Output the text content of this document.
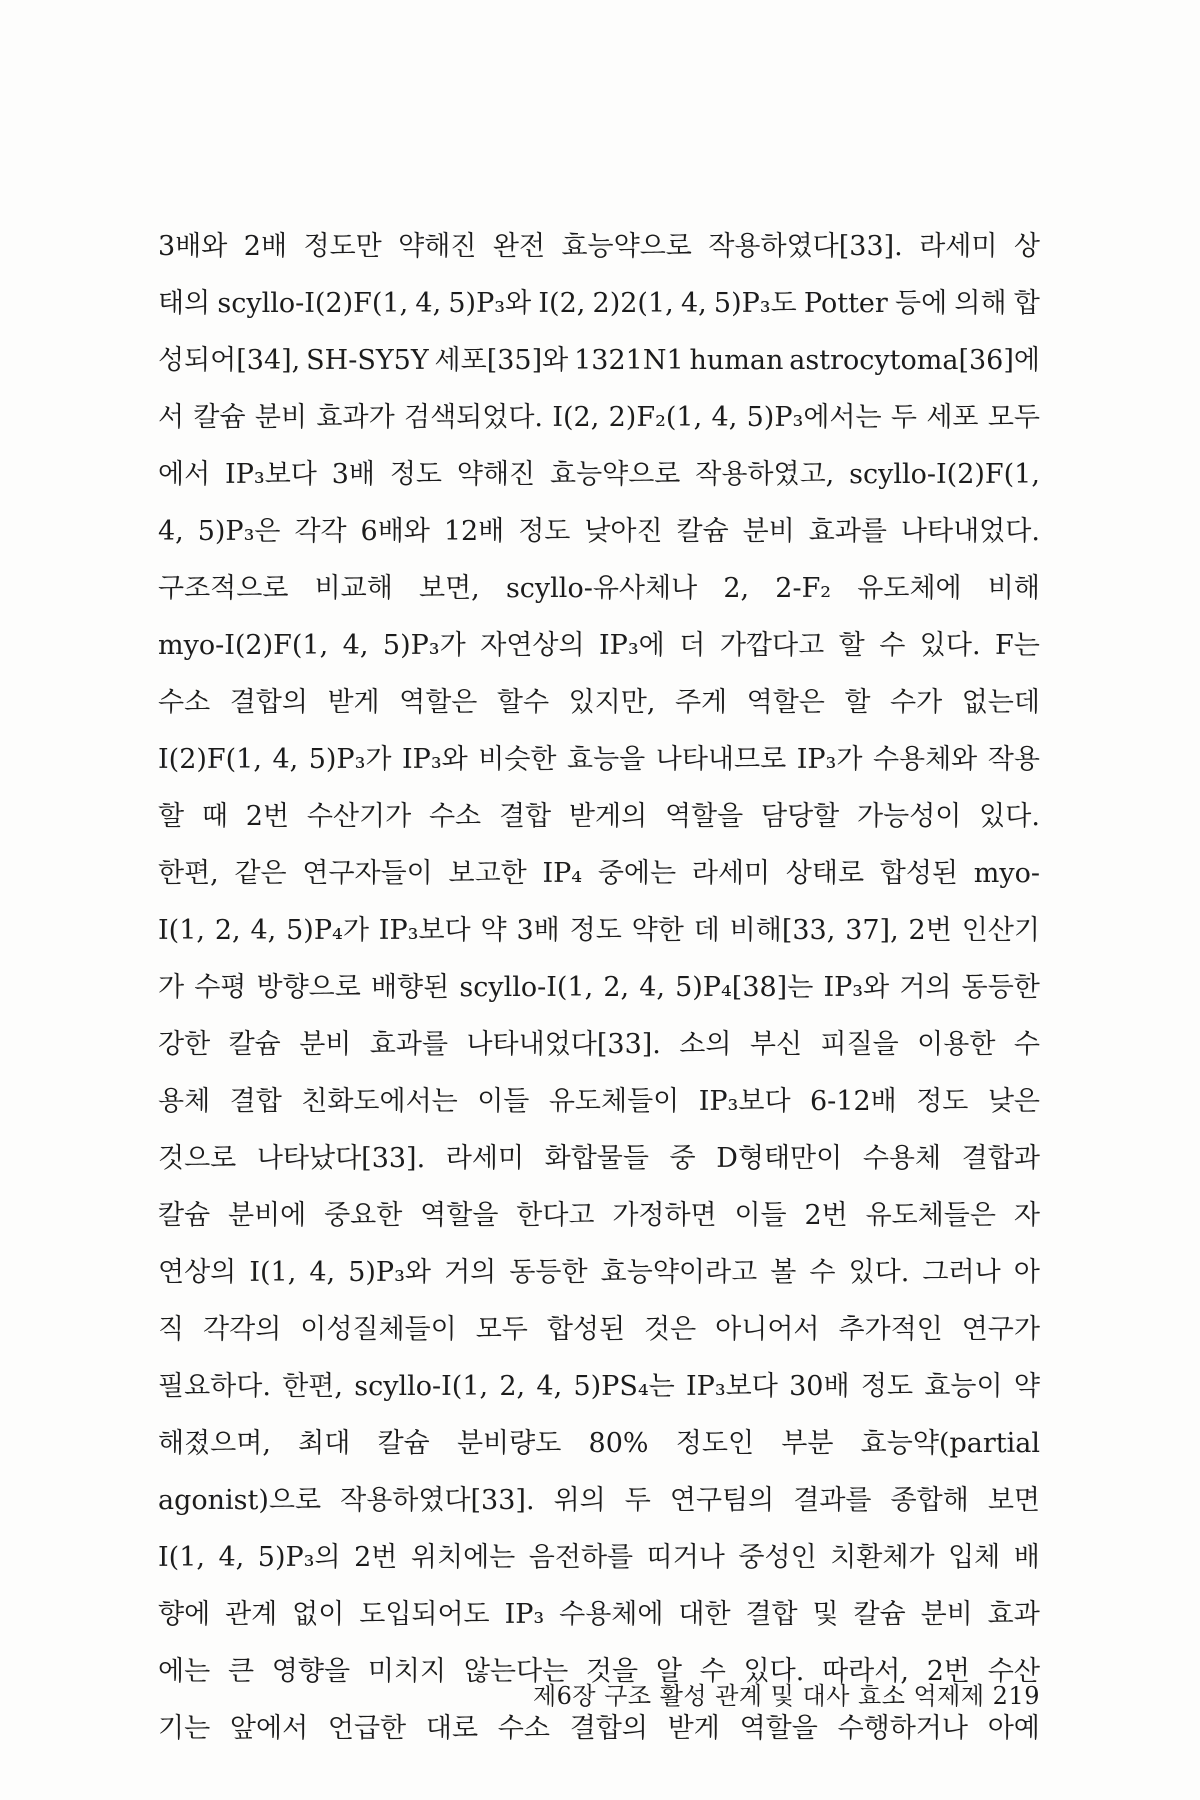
3배와 2배 정도만 약해진 완전 효능약으로 작용하였다[33]. 라세미 상
태의 scyllo-I(2)F(1, 4, 5)P₃와 I(2, 2)2(1, 4, 5)P₃도 Potter 등에 의해 합
성되어[34], SH-SY5Y 세포[35]와 1321N1 human astrocytoma[36]에
서 칼슘 분비 효과가 검색되었다. I(2, 2)F₂(1, 4, 5)P₃에서는 두 세포 모두
에서 IP₃보다 3배 정도 약해진 효능약으로 작용하였고, scyllo-I(2)F(1,
4, 5)P₃은 각각 6배와 12배 정도 낮아진 칼슘 분비 효과를 나타내었다.
구조적으로 비교해 보면, scyllo-유사체나 2, 2-F₂ 유도체에 비해
myo-I(2)F(1, 4, 5)P₃가 자연상의 IP₃에 더 가깝다고 할 수 있다. F는
수소 결합의 받게 역할은 할수 있지만, 주게 역할은 할 수가 없는데
I(2)F(1, 4, 5)P₃가 IP₃와 비슷한 효능을 나타내므로 IP₃가 수용체와 작용
할 때 2번 수산기가 수소 결합 받게의 역할을 담당할 가능성이 있다.
한편, 같은 연구자들이 보고한 IP₄ 중에는 라세미 상태로 합성된 myo-
I(1, 2, 4, 5)P₄가 IP₃보다 약 3배 정도 약한 데 비해[33, 37], 2번 인산기
가 수평 방향으로 배향된 scyllo-I(1, 2, 4, 5)P₄[38]는 IP₃와 거의 동등한
강한 칼슘 분비 효과를 나타내었다[33]. 소의 부신 피질을 이용한 수
용체 결합 친화도에서는 이들 유도체들이 IP₃보다 6-12배 정도 낮은
것으로 나타났다[33]. 라세미 화합물들 중 D형태만이 수용체 결합과
칼슘 분비에 중요한 역할을 한다고 가정하면 이들 2번 유도체들은 자
연상의 I(1, 4, 5)P₃와 거의 동등한 효능약이라고 볼 수 있다. 그러나 아
직 각각의 이성질체들이 모두 합성된 것은 아니어서 추가적인 연구가
필요하다. 한편, scyllo-I(1, 2, 4, 5)PS₄는 IP₃보다 30배 정도 효능이 약
해졌으며, 최대 칼슘 분비량도 80% 정도인 부분 효능약(partial
agonist)으로 작용하였다[33]. 위의 두 연구팀의 결과를 종합해 보면
I(1, 4, 5)P₃의 2번 위치에는 음전하를 띠거나 중성인 치환체가 입체 배
향에 관계 없이 도입되어도 IP₃ 수용체에 대한 결합 및 칼슘 분비 효과
에는 큰 영향을 미치지 않는다는 것을 알 수 있다. 따라서, 2번 수산
기는 앞에서 언급한 대로 수소 결합의 받게 역할을 수행하거나 아예
제6장 구조 활성 관계 및 대사 효소 억제제 219
